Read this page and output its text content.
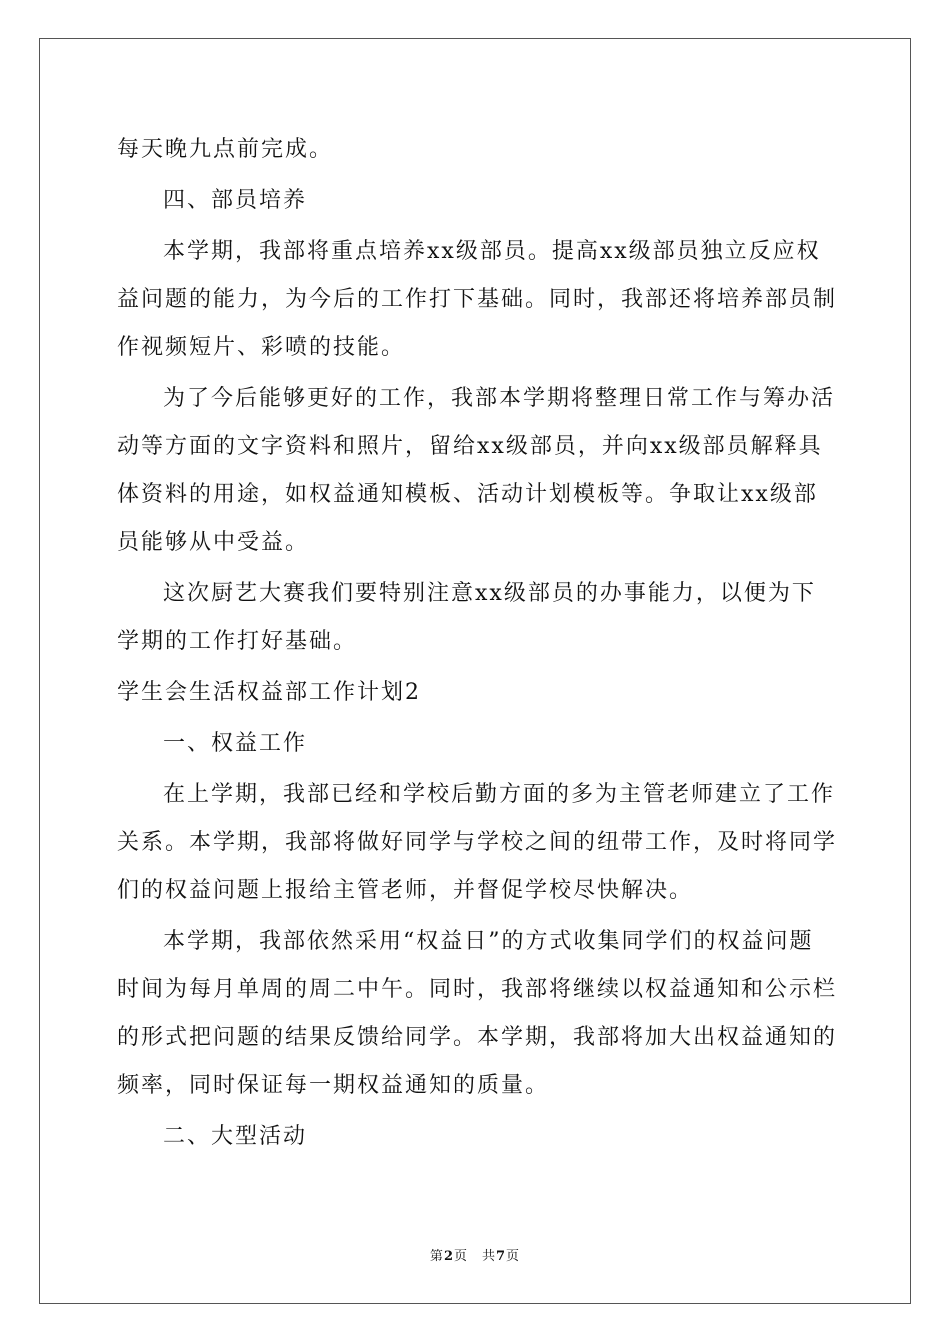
每天晚九点前完成。
四、部员培养
本学期，我部将重点培养xx级部员。提高xx级部员独立反应权
益问题的能力，为今后的工作打下基础。同时，我部还将培养部员制
作视频短片、彩喷的技能。
为了今后能够更好的工作，我部本学期将整理日常工作与筹办活
动等方面的文字资料和照片，留给xx级部员，并向xx级部员解释具
体资料的用途，如权益通知模板、活动计划模板等。争取让xx级部
员能够从中受益。
这次厨艺大赛我们要特别注意xx级部员的办事能力，以便为下
学期的工作打好基础。
学生会生活权益部工作计划2
一、权益工作
在上学期，我部已经和学校后勤方面的多为主管老师建立了工作
关系。本学期，我部将做好同学与学校之间的纽带工作，及时将同学
们的权益问题上报给主管老师，并督促学校尽快解决。
本学期，我部依然采用“权益日”的方式收集同学们的权益问题
时间为每月单周的周二中午。同时，我部将继续以权益通知和公示栏
的形式把问题的结果反馈给同学。本学期，我部将加大出权益通知的
频率，同时保证每一期权益通知的质量。
二、大型活动
第2页　共7页
